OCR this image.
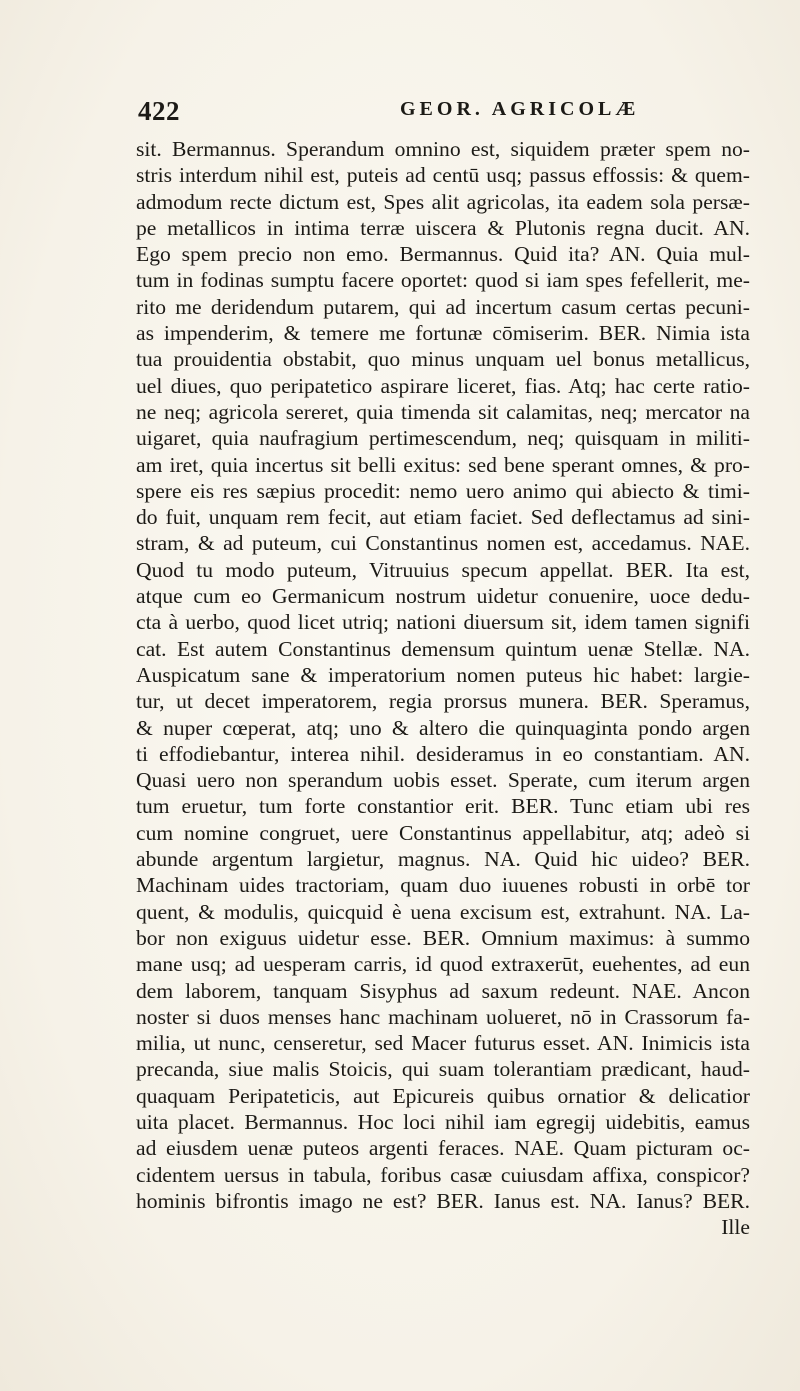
422	GEOR. AGRICOLÆ
sit. Bermannus. Sperandum omnino est, siquidem præter spem no-
stris interdum nihil est, puteis ad centū usq; passus effossis: & quem-
admodum recte dictum est, Spes alit agricolas, ita eadem sola persæ-
pe metallicos in intima terræ uiscera & Plutonis regna ducit. AN.
Ego spem precio non emo. Bermannus. Quid ita? AN. Quia mul-
tum in fodinas sumptu facere oportet: quod si iam spes fefellerit, me-
rito me deridendum putarem, qui ad incertum casum certas pecuni-
as impenderim, & temere me fortunæ cōmiserim. BER. Nimia ista
tua prouidentia obstabit, quo minus unquam uel bonus metallicus,
uel diues, quo peripatetico aspirare liceret, fias. Atq; hac certe ratio-
ne neq; agricola sereret, quia timenda sit calamitas, neq; mercator na
uigaret, quia naufragium pertimescendum, neq; quisquam in militi-
am iret, quia incertus sit belli exitus: sed bene sperant omnes, & pro-
spere eis res sæpius procedit: nemo uero animo qui abiecto & timi-
do fuit, unquam rem fecit, aut etiam faciet. Sed deflectamus ad sini-
stram, & ad puteum, cui Constantinus nomen est, accedamus. NAE.
Quod tu modo puteum, Vitruuius specum appellat. BER. Ita est,
atque cum eo Germanicum nostrum uidetur conuenire, uoce dedu-
cta à uerbo, quod licet utriq; nationi diuersum sit, idem tamen signifi
cat. Est autem Constantinus demensum quintum uenæ Stellæ. NA.
Auspicatum sane & imperatorium nomen puteus hic habet: largie-
tur, ut decet imperatorem, regia prorsus munera. BER. Speramus,
& nuper cœperat, atq; uno & altero die quinquaginta pondo argen
ti effodiebantur, interea nihil. desideramus in eo constantiam. AN.
Quasi uero non sperandum uobis esset. Sperate, cum iterum argen
tum eruetur, tum forte constantior erit. BER. Tunc etiam ubi res
cum nomine congruet, uere Constantinus appellabitur, atq; adeò si
abunde argentum largietur, magnus. NA. Quid hic uideo? BER.
Machinam uides tractoriam, quam duo iuuenes robusti in orbē tor
quent, & modulis, quicquid è uena excisum est, extrahunt. NA. La-
bor non exiguus uidetur esse. BER. Omnium maximus: à summo
mane usq; ad uesperam carris, id quod extraxerūt, euehentes, ad eun
dem laborem, tanquam Sisyphus ad saxum redeunt. NAE. Ancon
noster si duos menses hanc machinam uolueret, nō in Crassorum fa-
milia, ut nunc, censeretur, sed Macer futurus esset. AN. Inimicis ista
precanda, siue malis Stoicis, qui suam tolerantiam prædicant, haud-
quaquam Peripateticis, aut Epicureis quibus ornatior & delicatior
uita placet. Bermannus. Hoc loci nihil iam egregij uidebitis, eamus
ad eiusdem uenæ puteos argenti feraces. NAE. Quam picturam oc-
cidentem uersus in tabula, foribus casæ cuiusdam affixa, conspicor?
hominis bifrontis imago ne est? BER. Ianus est. NA. Ianus? BER.
Ille
